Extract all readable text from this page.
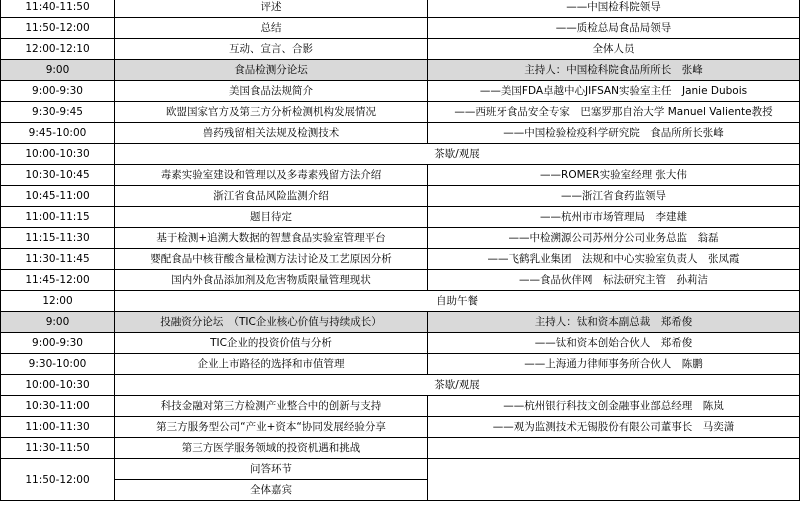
11:40-11:50	评述	——中国检科院领导
11:50-12:00	总结	——质检总局食品局领导
12:00-12:10	互动、宣言、合影	全体人员
9:00	食品检测分论坛	主持人：中国检科院食品所所长　张峰
9:00-9:30	美国食品法规简介	——美国FDA卓越中心JIFSAN实验室主任　Janie Dubois
9:30-9:45	欧盟国家官方及第三方分析检测机构发展情况	——西班牙食品安全专家　巴塞罗那自治大学 Manuel Valiente教授
9:45-10:00	兽药残留相关法规及检测技术	——中国检验检疫科学研究院　食品所所长张峰
10:00-10:30	茶歇/观展	
10:30-10:45	毒素实验室建设和管理以及多毒素残留方法介绍	——ROMER实验室经理 张大伟
10:45-11:00	浙江省食品风险监测介绍	——浙江省食药监领导
11:00-11:15	题目待定	——杭州市市场管理局　李建雄
11:15-11:30	基于检测+追溯大数据的智慧食品实验室管理平台	——中检溯源公司苏州分公司业务总监　翁磊
11:30-11:45	婴配食品中核苷酸含量检测方法讨论及工艺原因分析	——飞鹤乳业集团　法规和中心实验室负责人　张凤霞
11:45-12:00	国内外食品添加剂及危害物质限量管理现状	——食品伙伴网　标法研究主管　孙莉洁
12:00	自助午餐	
9:00	投融资分论坛　（TIC企业核心价值与持续成长）	主持人：钛和资本副总裁　郑希俊
9:00-9:30	TIC企业的投资价值与分析	——钛和资本创始合伙人　郑希俊
9:30-10:00	企业上市路径的选择和市值管理	——上海通力律师事务所合伙人　陈鹏
10:00-10:30	茶歇/观展	
10:30-11:00	科技金融对第三方检测产业整合中的创新与支持	——杭州银行科技文创金融事业部总经理　陈岚
11:00-11:30	第三方服务型公司“产业+资本“协同发展经验分享	——观为监测技术无锡股份有限公司董事长　马奕潇
11:30-11:50	第三方医学服务领域的投资机遇和挑战	
11:50-12:00	问答环节	
	全体嘉宾	
